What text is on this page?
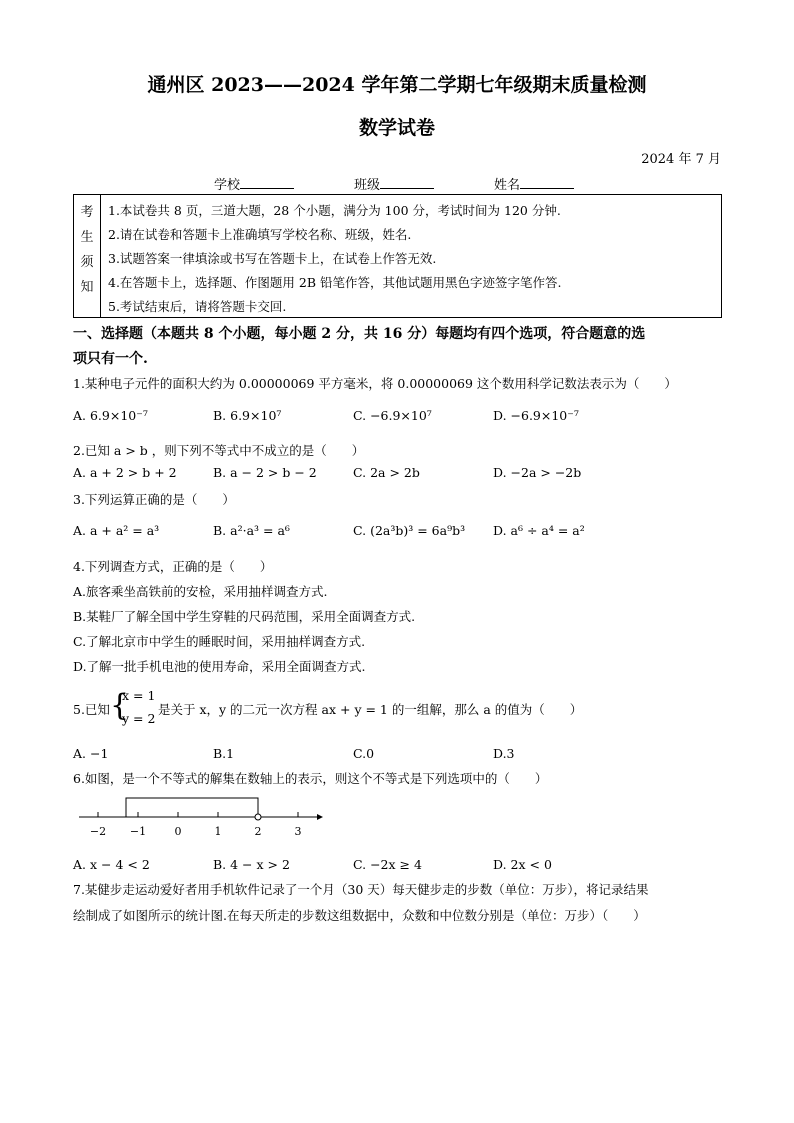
通州区 2023——2024 学年第二学期七年级期末质量检测
数学试卷
2024 年 7 月
学校	班级	姓名
考
生
须
知
1.本试卷共 8 页，三道大题，28 个小题，满分为 100 分，考试时间为 120 分钟.
2.请在试卷和答题卡上准确填写学校名称、班级，姓名.
3.试题答案一律填涂或书写在答题卡上，在试卷上作答无效.
4.在答题卡上，选择题、作图题用 2B 铅笔作答，其他试题用黑色字迹签字笔作答.
5.考试结束后，请将答题卡交回.
一、选择题（本题共 8 个小题，每小题 2 分，共 16 分）每题均有四个选项，符合题意的选
项只有一个.
1.某种电子元件的面积大约为 0.00000069 平方毫米，将 0.00000069 这个数用科学记数法表示为（　　）
A. 6.9×10⁻⁷	B. 6.9×10⁷	C. −6.9×10⁷	D. −6.9×10⁻⁷
2.已知 a > b ，则下列不等式中不成立的是（　　）
A. a + 2 > b + 2	B. a − 2 > b − 2	C. 2a > 2b	D. −2a > −2b
3.下列运算正确的是（　　）
A. a + a² = a³	B. a²·a³ = a⁶	C. (2a³b)³ = 6a⁹b³ D. a⁶ ÷ a⁴ = a²
4.下列调查方式，正确的是（　　）
A.旅客乘坐高铁前的安检，采用抽样调查方式.
B.某鞋厂了解全国中学生穿鞋的尺码范围，采用全面调查方式.
C.了解北京市中学生的睡眠时间，采用抽样调查方式.
D.了解一批手机电池的使用寿命，采用全面调查方式.
5.已知 {
x = 1
y = 2
是关于 x，y 的二元一次方程 ax + y = 1 的一组解，那么 a 的值为（　　）
A. −1	B.1	C.0	D.3
6.如图，是一个不等式的解集在数轴上的表示，则这个不等式是下列选项中的（　　）
−2 −1	0	1	2	3
A. x − 4 < 2	B. 4 − x > 2	C. −2x ≥ 4	D. 2x < 0
7.某健步走运动爱好者用手机软件记录了一个月（30 天）每天健步走的步数（单位：万步），将记录结果
绘制成了如图所示的统计图.在每天所走的步数这组数据中，众数和中位数分别是（单位：万步）（　　）
